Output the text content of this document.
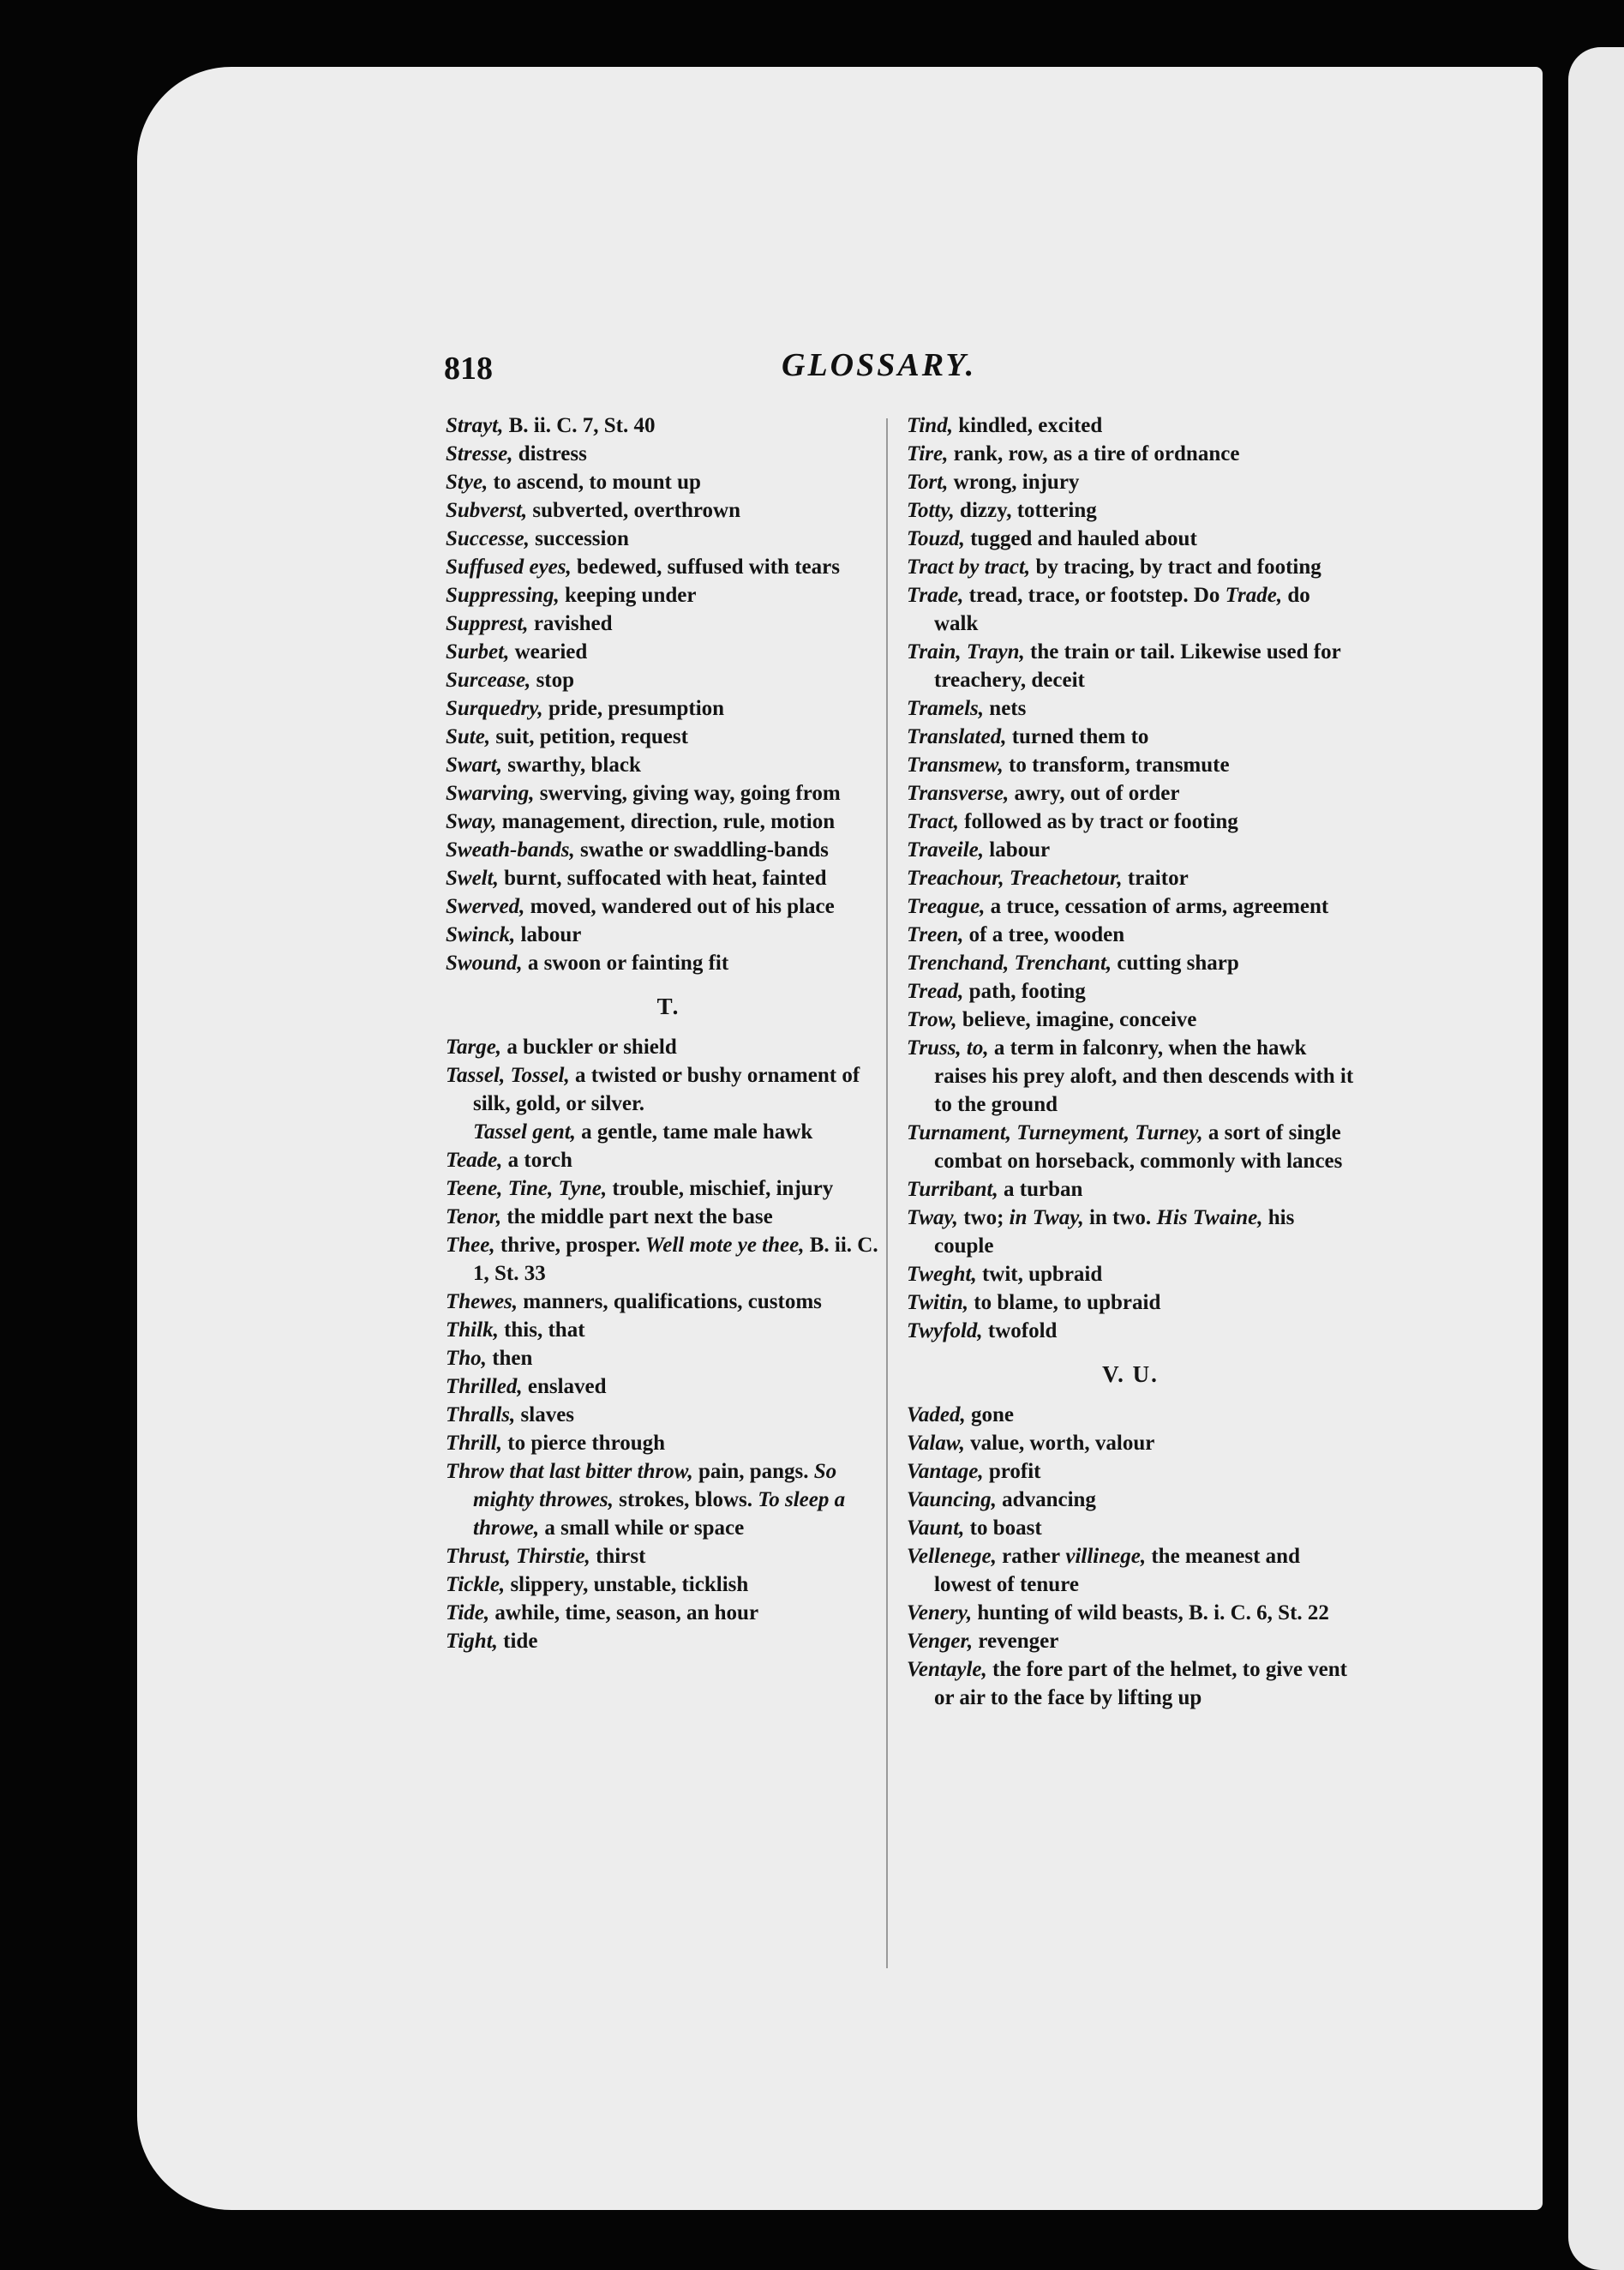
818	GLOSSARY.
Strayt, B. ii. C. 7, St. 40
Stresse, distress
Stye, to ascend, to mount up
Subverst, subverted, overthrown
Successe, succession
Suffused eyes, bedewed, suffused with tears
Suppressing, keeping under
Supprest, ravished
Surbet, wearied
Surcease, stop
Surquedry, pride, presumption
Sute, suit, petition, request
Swart, swarthy, black
Swarving, swerving, giving way, going from
Sway, management, direction, rule, motion
Sweath-bands, swathe or swaddling-bands
Swelt, burnt, suffocated with heat, fainted
Swerved, moved, wandered out of his place
Swinck, labour
Swound, a swoon or fainting fit
T.
Targe, a buckler or shield
Tassel, Tossel, a twisted or bushy ornament of silk, gold, or silver.
Tassel gent, a gentle, tame male hawk
Teade, a torch
Teene, Tine, Tyne, trouble, mischief, injury
Tenor, the middle part next the base
Thee, thrive, prosper. Well mote ye thee, B. ii. C. 1, St. 33
Thewes, manners, qualifications, customs
Thilk, this, that
Tho, then
Thrilled, enslaved
Thralls, slaves
Thrill, to pierce through
Throw that last bitter throw, pain, pangs. So mighty throwes, strokes, blows. To sleep a throwe, a small while or space
Thrust, Thirstie, thirst
Tickle, slippery, unstable, ticklish
Tide, awhile, time, season, an hour
Tight, tide
Tind, kindled, excited
Tire, rank, row, as a tire of ordnance
Tort, wrong, injury
Totty, dizzy, tottering
Touzd, tugged and hauled about
Tract by tract, by tracing, by tract and footing
Trade, tread, trace, or footstep. Do Trade, do walk
Train, Trayn, the train or tail. Likewise used for treachery, deceit
Tramels, nets
Translated, turned them to
Transmew, to transform, transmute
Transverse, awry, out of order
Tract, followed as by tract or footing
Traveile, labour
Treachour, Treachetour, traitor
Treague, a truce, cessation of arms, agreement
Treen, of a tree, wooden
Trenchand, Trenchant, cutting sharp
Tread, path, footing
Trow, believe, imagine, conceive
Truss, to, a term in falconry, when the hawk raises his prey aloft, and then descends with it to the ground
Turnament, Turneyment, Turney, a sort of single combat on horseback, commonly with lances
Turribant, a turban
Tway, two; in Tway, in two. His Twaine, his couple
Tweght, twit, upbraid
Twitin, to blame, to upbraid
Twyfold, twofold
V. U.
Vaded, gone
Valaw, value, worth, valour
Vantage, profit
Vauncing, advancing
Vaunt, to boast
Vellenege, rather villinege, the meanest and lowest of tenure
Venery, hunting of wild beasts, B. i. C. 6, St. 22
Venger, revenger
Ventayle, the fore part of the helmet, to give vent or air to the face by lifting up
